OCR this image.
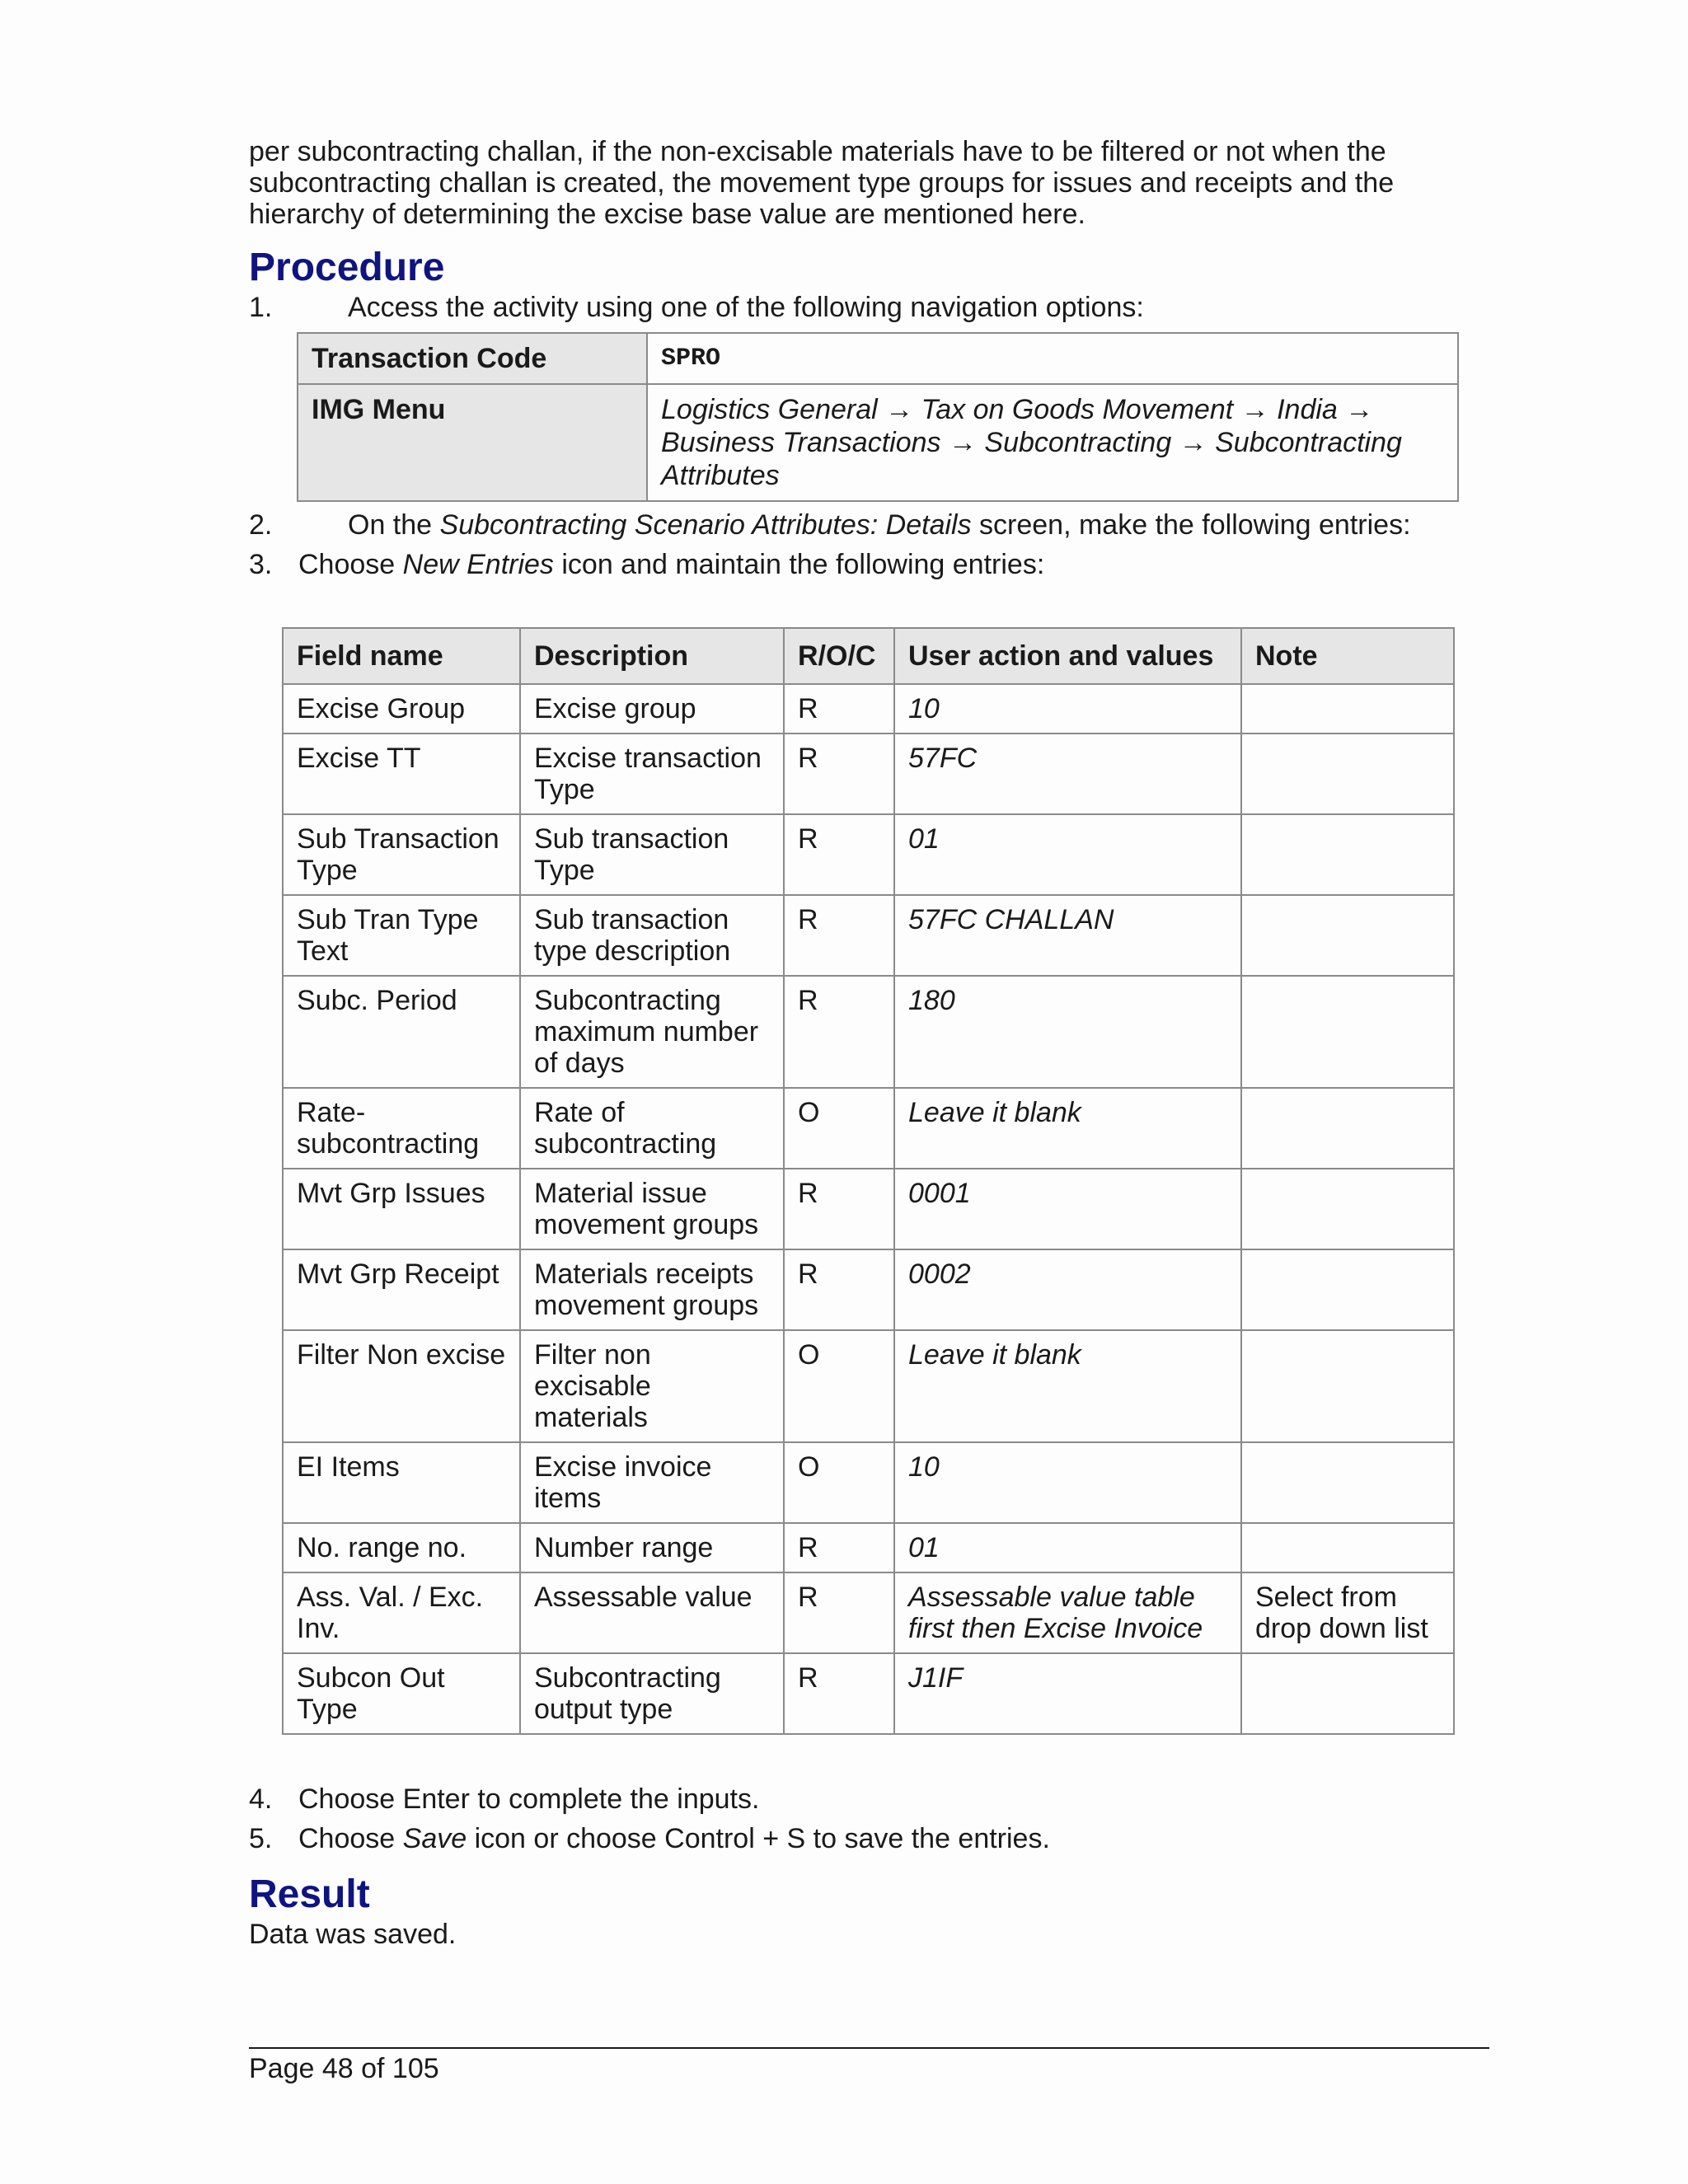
per subcontracting challan, if the non-excisable materials have to be filtered or not when the subcontracting challan is created, the movement type groups for issues and receipts and the hierarchy of determining the excise base value are mentioned here.

Procedure
1.	Access the activity using one of the following navigation options:
Transaction Code	SPRO
IMG Menu	Logistics General → Tax on Goods Movement → India → Business Transactions → Subcontracting → Subcontracting Attributes
2.	On the Subcontracting Scenario Attributes: Details screen, make the following entries:
3. Choose New Entries icon and maintain the following entries:
Field name	Description	R/O/C	User action and values	Note
Excise Group	Excise group	R	10	
Excise TT	Excise transaction Type	R	57FC	
Sub Transaction Type	Sub transaction Type	R	01	
Sub Tran Type Text	Sub transaction type description	R	57FC CHALLAN	
Subc. Period	Subcontracting maximum number of days	R	180	
Rate-subcontracting	Rate of subcontracting	O	Leave it blank	
Mvt Grp Issues	Material issue movement groups	R	0001	
Mvt Grp Receipt	Materials receipts movement groups	R	0002	
Filter Non excise	Filter non excisable materials	O	Leave it blank	
EI Items	Excise invoice items	O	10	
No. range no.	Number range	R	01	
Ass. Val. / Exc. Inv.	Assessable value	R	Assessable value table first then Excise Invoice	Select from drop down list
Subcon Out Type	Subcontracting output type	R	J1IF	
4. Choose Enter to complete the inputs.
5. Choose Save icon or choose Control + S to save the entries.
Result

Data was saved.

Page 48 of 105
